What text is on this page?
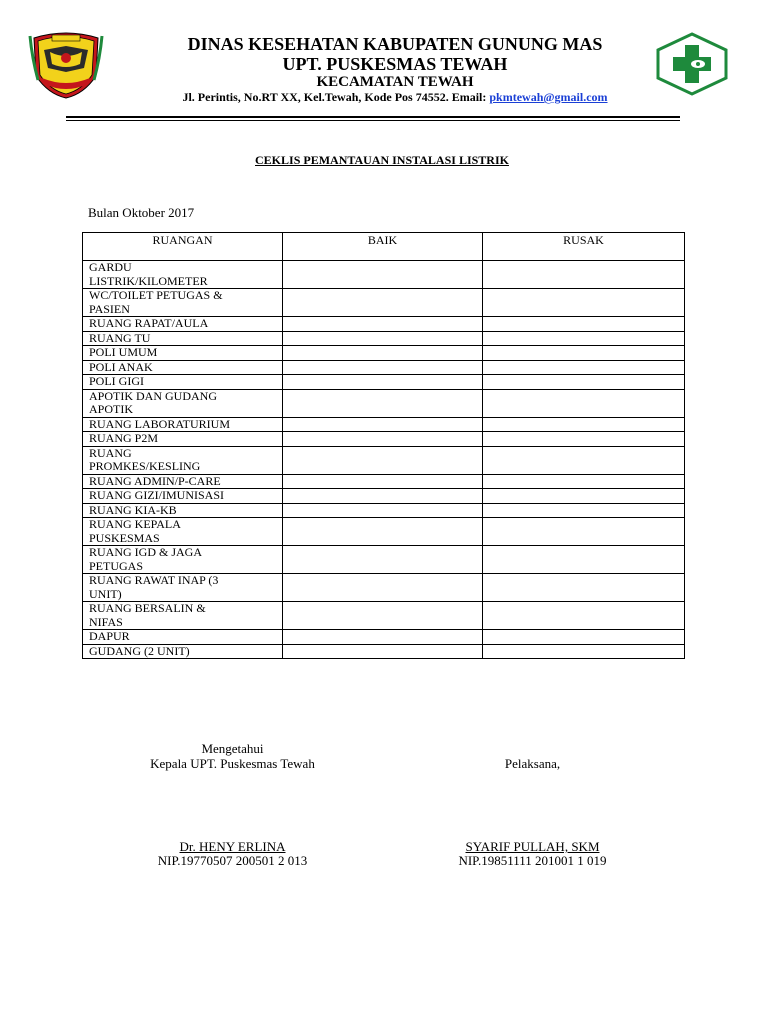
DINAS KESEHATAN KABUPATEN GUNUNG MAS
UPT. PUSKESMAS TEWAH
KECAMATAN TEWAH
Jl. Perintis, No.RT XX, Kel.Tewah, Kode Pos 74552. Email: pkmtewah@gmail.com
CEKLIS PEMANTAUAN INSTALASI LISTRIK
Bulan Oktober 2017
RUANGAN	BAIK	RUSAK

GARDU
LISTRIK/KILOMETER		

WC/TOILET PETUGAS &
PASIEN		

RUANG RAPAT/AULA		

RUANG TU		

POLI UMUM		

POLI ANAK		

POLI GIGI		

APOTIK DAN GUDANG
APOTIK		

RUANG LABORATURIUM		

RUANG P2M		

RUANG
PROMKES/KESLING		

RUANG ADMIN/P-CARE		

RUANG GIZI/IMUNISASI		

RUANG KIA-KB		

RUANG KEPALA
PUSKESMAS		

RUANG IGD & JAGA
PETUGAS		

RUANG RAWAT INAP (3
UNIT)		

RUANG BERSALIN &
NIFAS		

DAPUR		

GUDANG (2 UNIT)		

Mengetahui
Kepala UPT. Puskesmas Tewah	Pelaksana,
Dr. HENY ERLINA
NIP.19770507 200501 2 013
SYARIF PULLAH, SKM
NIP.19851111 201001 1 019
